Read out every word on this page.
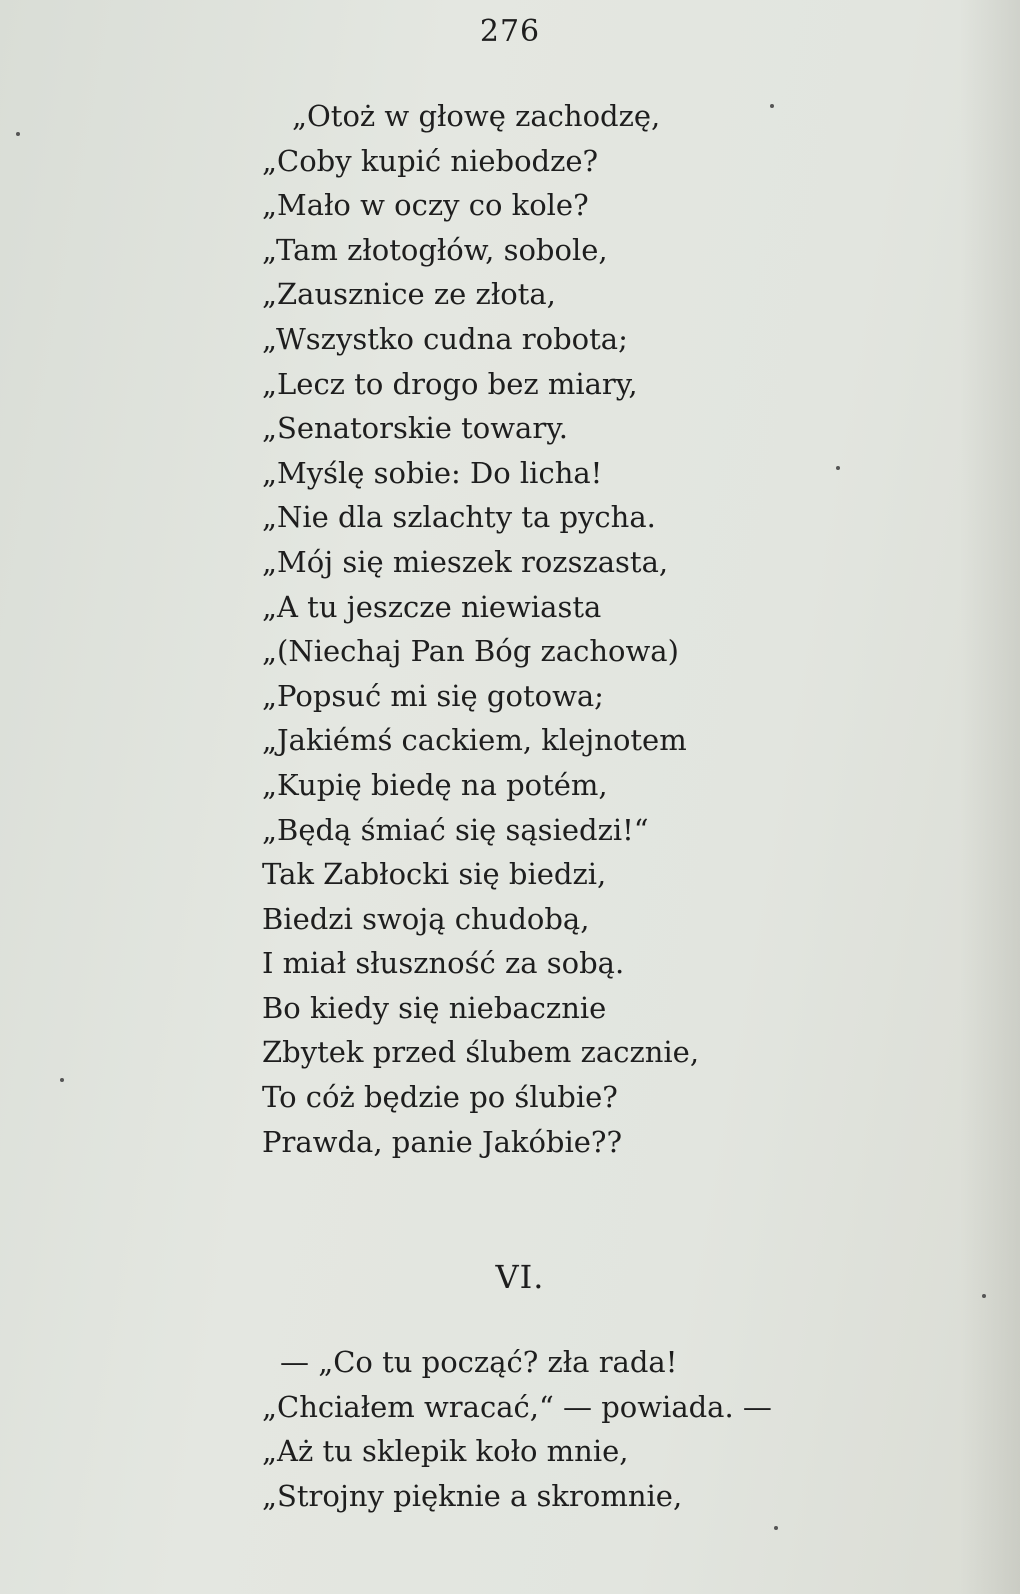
276
„Otoż w głowę zachodzę,
„Coby kupić niebodze?
„Mało w oczy co kole?
„Tam złotogłów, sobole,
„Zausznice ze złota,
„Wszystko cudna robota;
„Lecz to drogo bez miary,
„Senatorskie towary.
„Myślę sobie: Do licha!
„Nie dla szlachty ta pycha.
„Mój się mieszek rozszasta,
„A tu jeszcze niewiasta
„(Niechaj Pan Bóg zachowa)
„Popsuć mi się gotowa;
„Jakiémś cackiem, klejnotem
„Kupię biedę na potém,
„Będą śmiać się sąsiedzi!“
Tak Zabłocki się biedzi,
Biedzi swoją chudobą,
I miał słuszność za sobą.
Bo kiedy się niebacznie
Zbytek przed ślubem zacznie,
To cóż będzie po ślubie?
Prawda, panie Jakóbie??
VI.
— „Co tu począć? zła rada!
„Chciałem wracać,“ — powiada. —
„Aż tu sklepik koło mnie,
„Strojny pięknie a skromnie,
